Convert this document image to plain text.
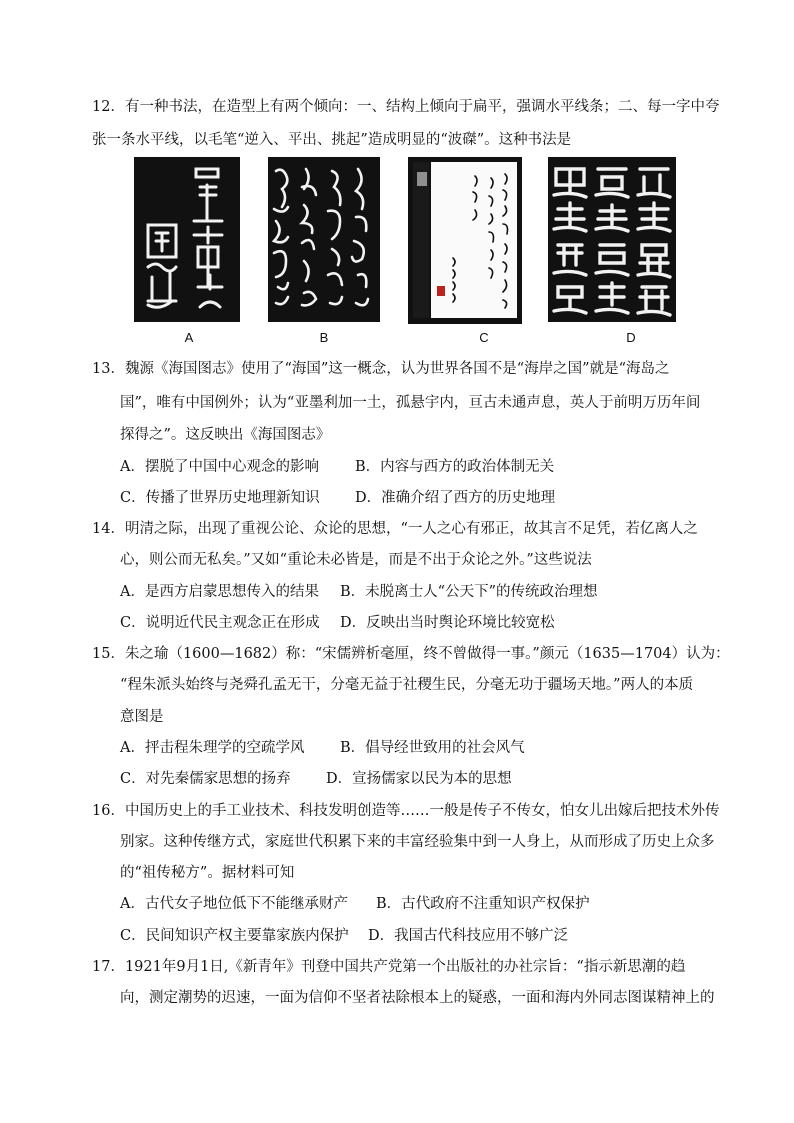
12．有一种书法，在造型上有两个倾向：一、结构上倾向于扁平，强调水平线条；二、每一字中夸
张一条水平线，以毛笔“逆入、平出、挑起”造成明显的“波磔”。这种书法是
A	B	C	D
13．魏源《海国图志》使用了“海国”这一概念，认为世界各国不是“海岸之国”就是“海岛之
国”，唯有中国例外；认为“亚墨利加一土，孤悬宇内，亘古未通声息，英人于前明万历年间
探得之”。这反映出《海国图志》
A．摆脱了中国中心观念的影响 B．内容与西方的政治体制无关
C．传播了世界历史地理新知识 D．准确介绍了西方的历史地理
14．明清之际，出现了重视公论、众论的思想，“一人之心有邪正，故其言不足凭，若亿离人之
心，则公而无私矣。”又如“重论未必皆是，而是不出于众论之外。”这些说法
A．是西方启蒙思想传入的结果 B．未脱离士人“公天下”的传统政治理想
C．说明近代民主观念正在形成 D．反映出当时舆论环境比较宽松
15．朱之瑜（1600—1682）称：“宋儒辨析毫厘，终不曾做得一事。”颜元（1635—1704）认为：
“程朱派头始终与尧舜孔孟无干，分毫无益于社稷生民，分毫无功于疆场天地。”两人的本质
意图是
A．抨击程朱理学的空疏学风 B．倡导经世致用的社会风气
C．对先秦儒家思想的扬弃 D．宣扬儒家以民为本的思想
16．中国历史上的手工业技术、科技发明创造等……一般是传子不传女，怕女儿出嫁后把技术外传
别家。这种传继方式，家庭世代积累下来的丰富经验集中到一人身上，从而形成了历史上众多
的“祖传秘方”。据材料可知
A．古代女子地位低下不能继承财产 B．古代政府不注重知识产权保护
C．民间知识产权主要靠家族内保护 D．我国古代科技应用不够广泛
17．1921年9月1日,《新青年》刊登中国共产党第一个出版社的办社宗旨：“指示新思潮的趋
向，测定潮势的迟速，一面为信仰不坚者祛除根本上的疑惑，一面和海内外同志图谋精神上的
